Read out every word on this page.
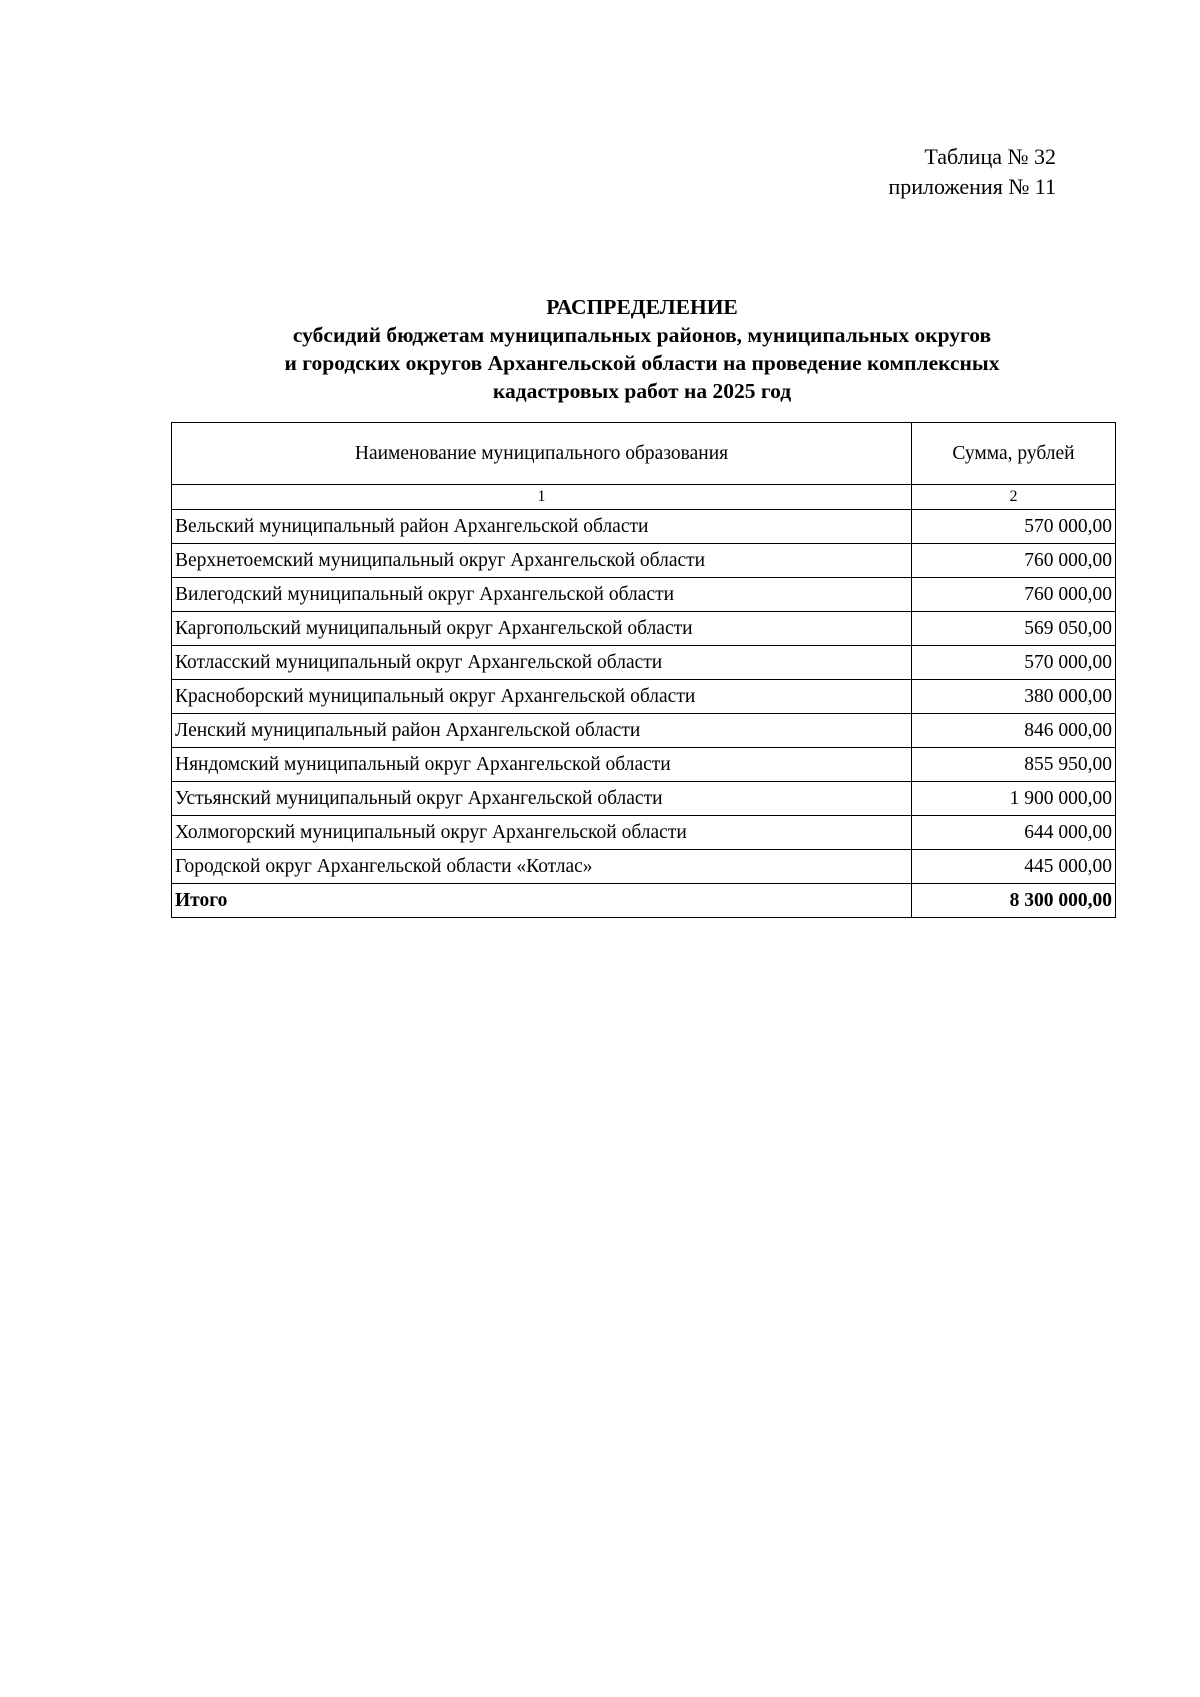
Таблица № 32
приложения № 11
РАСПРЕДЕЛЕНИЕ
субсидий бюджетам муниципальных районов, муниципальных округов
и городских округов Архангельской области на проведение комплексных
кадастровых работ на 2025 год
Наименование муниципального образования	Сумма, рублей
1	2
Вельский муниципальный район Архангельской области	570 000,00
Верхнетоемский муниципальный округ Архангельской области	760 000,00
Вилегодский муниципальный округ Архангельской области	760 000,00
Каргопольский муниципальный округ Архангельской области	569 050,00
Котласский муниципальный округ Архангельской области	570 000,00
Красноборский муниципальный округ Архангельской области	380 000,00
Ленский муниципальный район Архангельской области	846 000,00
Няндомский муниципальный округ Архангельской области	855 950,00
Устьянский муниципальный округ Архангельской области	1 900 000,00
Холмогорский муниципальный округ Архангельской области	644 000,00
Городской округ Архангельской области «Котлас»	445 000,00
Итого	8 300 000,00
